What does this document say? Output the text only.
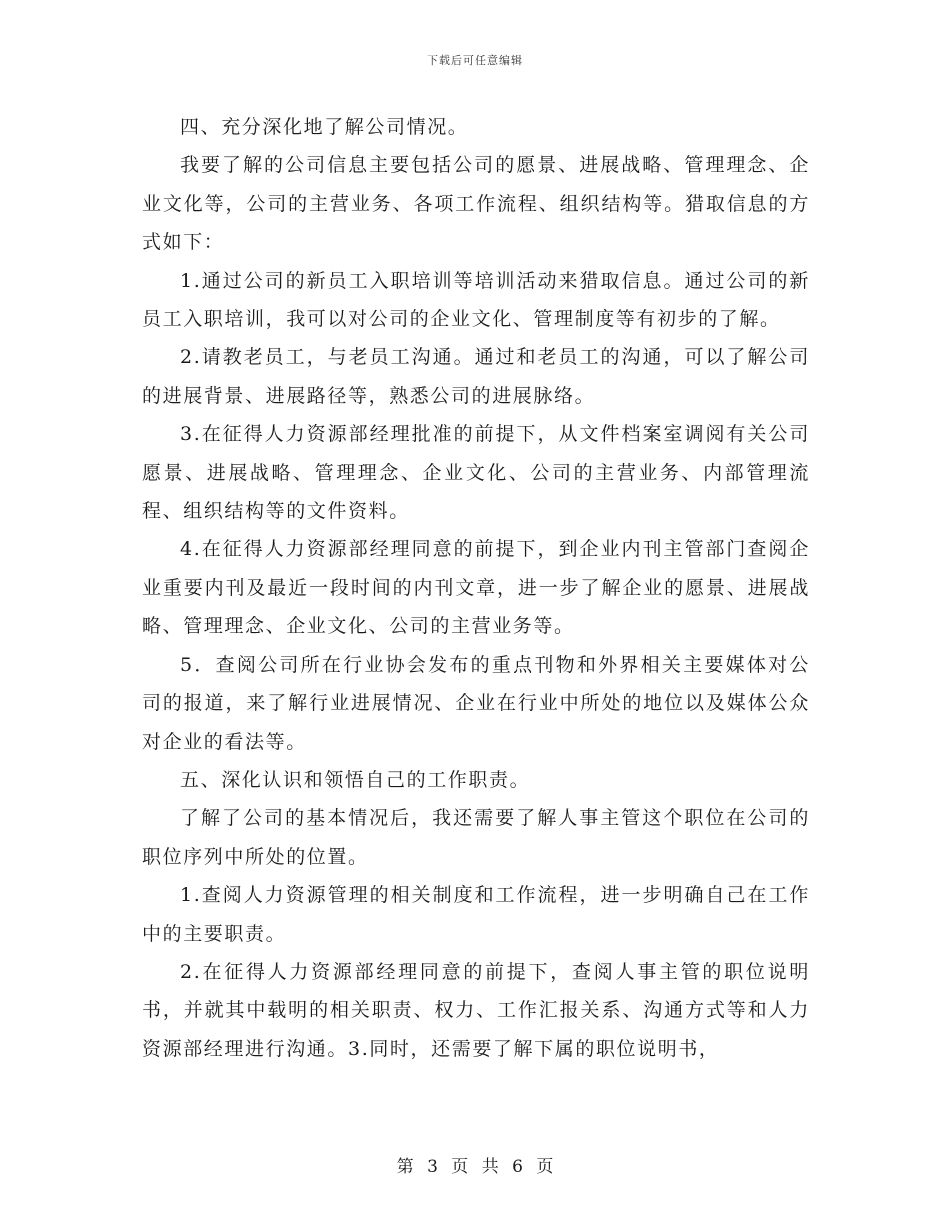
下载后可任意编辑

四、充分深化地了解公司情况。

我要了解的公司信息主要包括公司的愿景、进展战略、管理理念、企业文化等，公司的主营业务、各项工作流程、组织结构等。猎取信息的方式如下：

1.通过公司的新员工入职培训等培训活动来猎取信息。通过公司的新员工入职培训，我可以对公司的企业文化、管理制度等有初步的了解。

2.请教老员工，与老员工沟通。通过和老员工的沟通，可以了解公司的进展背景、进展路径等，熟悉公司的进展脉络。

3.在征得人力资源部经理批准的前提下，从文件档案室调阅有关公司愿景、进展战略、管理理念、企业文化、公司的主营业务、内部管理流程、组织结构等的文件资料。

4.在征得人力资源部经理同意的前提下，到企业内刊主管部门查阅企业重要内刊及最近一段时间的内刊文章，进一步了解企业的愿景、进展战略、管理理念、企业文化、公司的主营业务等。

5．查阅公司所在行业协会发布的重点刊物和外界相关主要媒体对公司的报道，来了解行业进展情况、企业在行业中所处的地位以及媒体公众对企业的看法等。

五、深化认识和领悟自己的工作职责。

了解了公司的基本情况后，我还需要了解人事主管这个职位在公司的职位序列中所处的位置。

1.查阅人力资源管理的相关制度和工作流程，进一步明确自己在工作中的主要职责。

2.在征得人力资源部经理同意的前提下，查阅人事主管的职位说明书，并就其中载明的相关职责、权力、工作汇报关系、沟通方式等和人力资源部经理进行沟通。3.同时，还需要了解下属的职位说明书，

第 3 页 共 6 页
